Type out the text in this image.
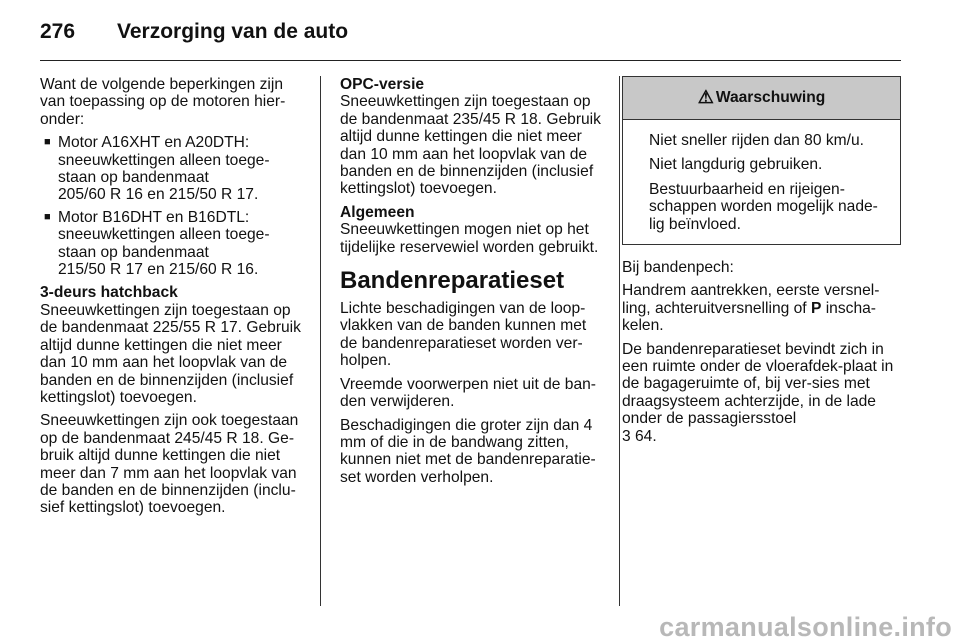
276	Verzorging van de auto

Want de volgende beperkingen zijn van toepassing op de motoren hier-onder:

■ Motor A16XHT en A20DTH:
sneeuwkettingen alleen toege-staan op bandenmaat
205/60 R 16 en 215/50 R 17.
■ Motor B16DHT en B16DTL:
sneeuwkettingen alleen toege-staan op bandenmaat
215/50 R 17 en 215/60 R 16.
3-deurs hatchback

Sneeuwkettingen zijn toegestaan op de bandenmaat 225/55 R 17. Gebruik altijd dunne kettingen die niet meer dan 10 mm aan het loopvlak van de banden en de binnenzijden (inclusief kettingslot) toevoegen.

Sneeuwkettingen zijn ook toegestaan op de bandenmaat 245/45 R 18. Ge-bruik altijd dunne kettingen die niet meer dan 7 mm aan het loopvlak van de banden en de binnenzijden (inclu-sief kettingslot) toevoegen.

OPC-versie

Sneeuwkettingen zijn toegestaan op de bandenmaat 235/45 R 18. Gebruik altijd dunne kettingen die niet meer dan 10 mm aan het loopvlak van de banden en de binnenzijden (inclusief kettingslot) toevoegen.

Algemeen

Sneeuwkettingen mogen niet op het tijdelijke reservewiel worden gebruikt.

Bandenreparatieset

Lichte beschadigingen van de loop-vlakken van de banden kunnen met de bandenreparatieset worden ver-holpen.

Vreemde voorwerpen niet uit de ban-den verwijderen.

Beschadigingen die groter zijn dan 4 mm of die in de bandwang zitten, kunnen niet met de bandenreparatie-set worden verholpen.

⚠ Waarschuwing

Niet sneller rijden dan 80 km/u.

Niet langdurig gebruiken.

Bestuurbaarheid en rijeigen-schappen worden mogelijk nade-lig beïnvloed.

Bij bandenpech:

Handrem aantrekken, eerste versnel-ling, achteruitversnelling of P inscha-kelen.

De bandenreparatieset bevindt zich in een ruimte onder de vloerafdek-plaat in de bagageruimte of, bij ver-sies met draagsysteem achterzijde, in de lade onder de passagiersstoel
3 64.

carmanualsonline.info
